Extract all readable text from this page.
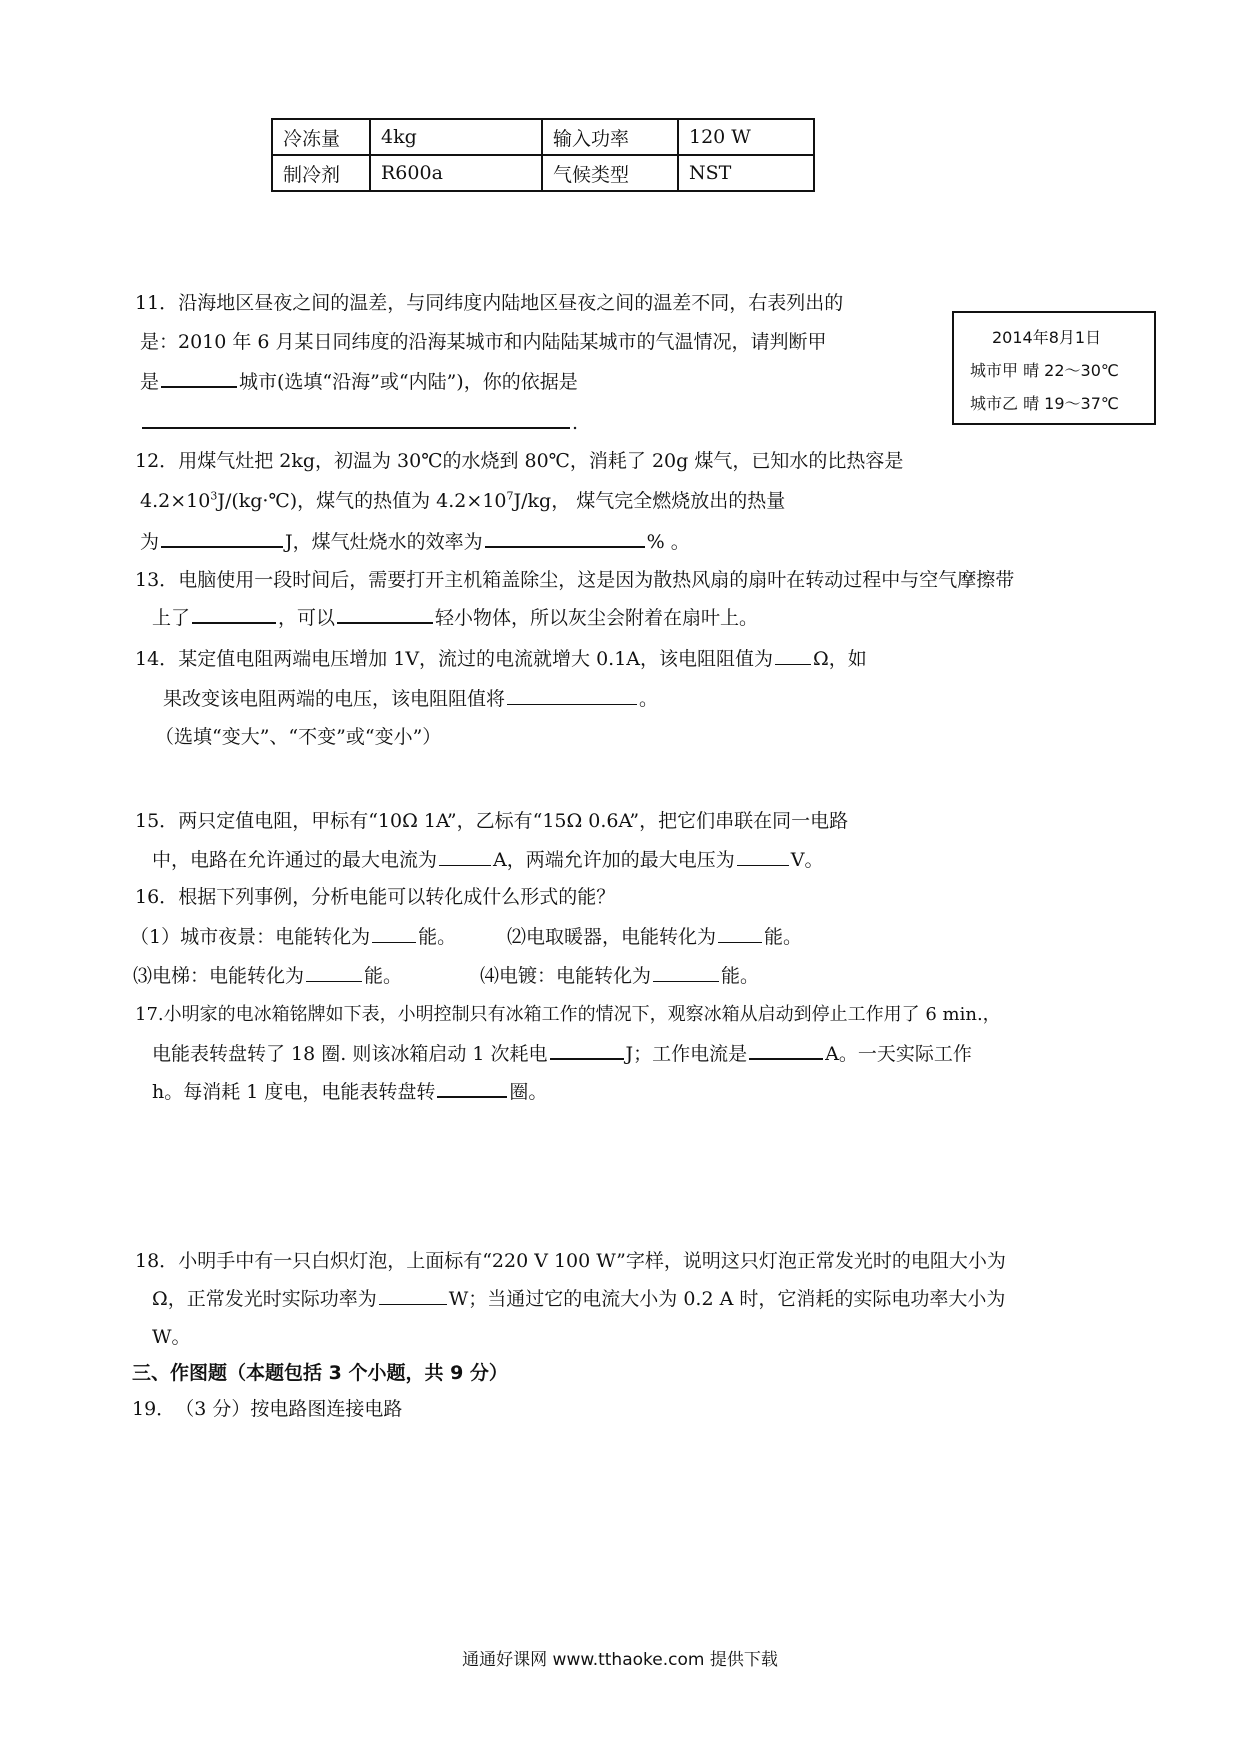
冷冻量	4kg	输入功率	120 W
制冷剂	R600a	气候类型	NST
11．沿海地区昼夜之间的温差，与同纬度内陆地区昼夜之间的温差不同，右表列出的
是：2010 年 6 月某日同纬度的沿海某城市和内陆陆某城市的气温情况，请判断甲
是	城市(选填“沿海”或“内陆”)，你的依据是
.
2014年8月1日
城市甲 晴 22～30℃
城市乙 晴 19～37℃
12．用煤气灶把 2kg，初温为 30℃的水烧到 80℃，消耗了 20g 煤气，已知水的比热容是
$4.2\times 10^3J/(kg\cdot℃)$，煤气的热值为 $4.2\times 10^7J/kg$， 煤气完全燃烧放出的热量
为	J，煤气灶烧水的效率为	% 。
13．电脑使用一段时间后，需要打开主机箱盖除尘，这是因为散热风扇的扇叶在转动过程中与空气摩擦带
上了	，可以	轻小物体，所以灰尘会附着在扇叶上。
14．某定值电阻两端电压增加 1V，流过的电流就增大 0.1A，该电阻阻值为 Ω，如
果改变该电阻两端的电压，该电阻阻值将	。
（选填“变大”、“不变”或“变小”）
15．两只定值电阻，甲标有“10Ω 1A”，乙标有“15Ω 0.6A”，把它们串联在同一电路
中，电路在允许通过的最大电流为	A，两端允许加的最大电压为	V。
16．根据下列事例，分析电能可以转化成什么形式的能？
（1）城市夜景：电能转化为	能。	⑵电取暖器，电能转化为	能。
⑶电梯：电能转化为	能。	⑷电镀：电能转化为	能。
17.小明家的电冰箱铭牌如下表，小明控制只有冰箱工作的情况下，观察冰箱从启动到停止工作用了 6 min.，
电能表转盘转了 18 圈. 则该冰箱启动 1 次耗电	J；工作电流是	A。一天实际工作
h。每消耗 1 度电，电能表转盘转	圈。
18．小明手中有一只白炽灯泡，上面标有“220 V 100 W”字样，说明这只灯泡正常发光时的电阻大小为
Ω，正常发光时实际功率为	W；当通过它的电流大小为 0.2 A 时，它消耗的实际电功率大小为
W。
三、作图题（本题包括 3 个小题，共 9 分）
19．（3 分）按电路图连接电路
通通好课网 www.tthaoke.com 提供下载
